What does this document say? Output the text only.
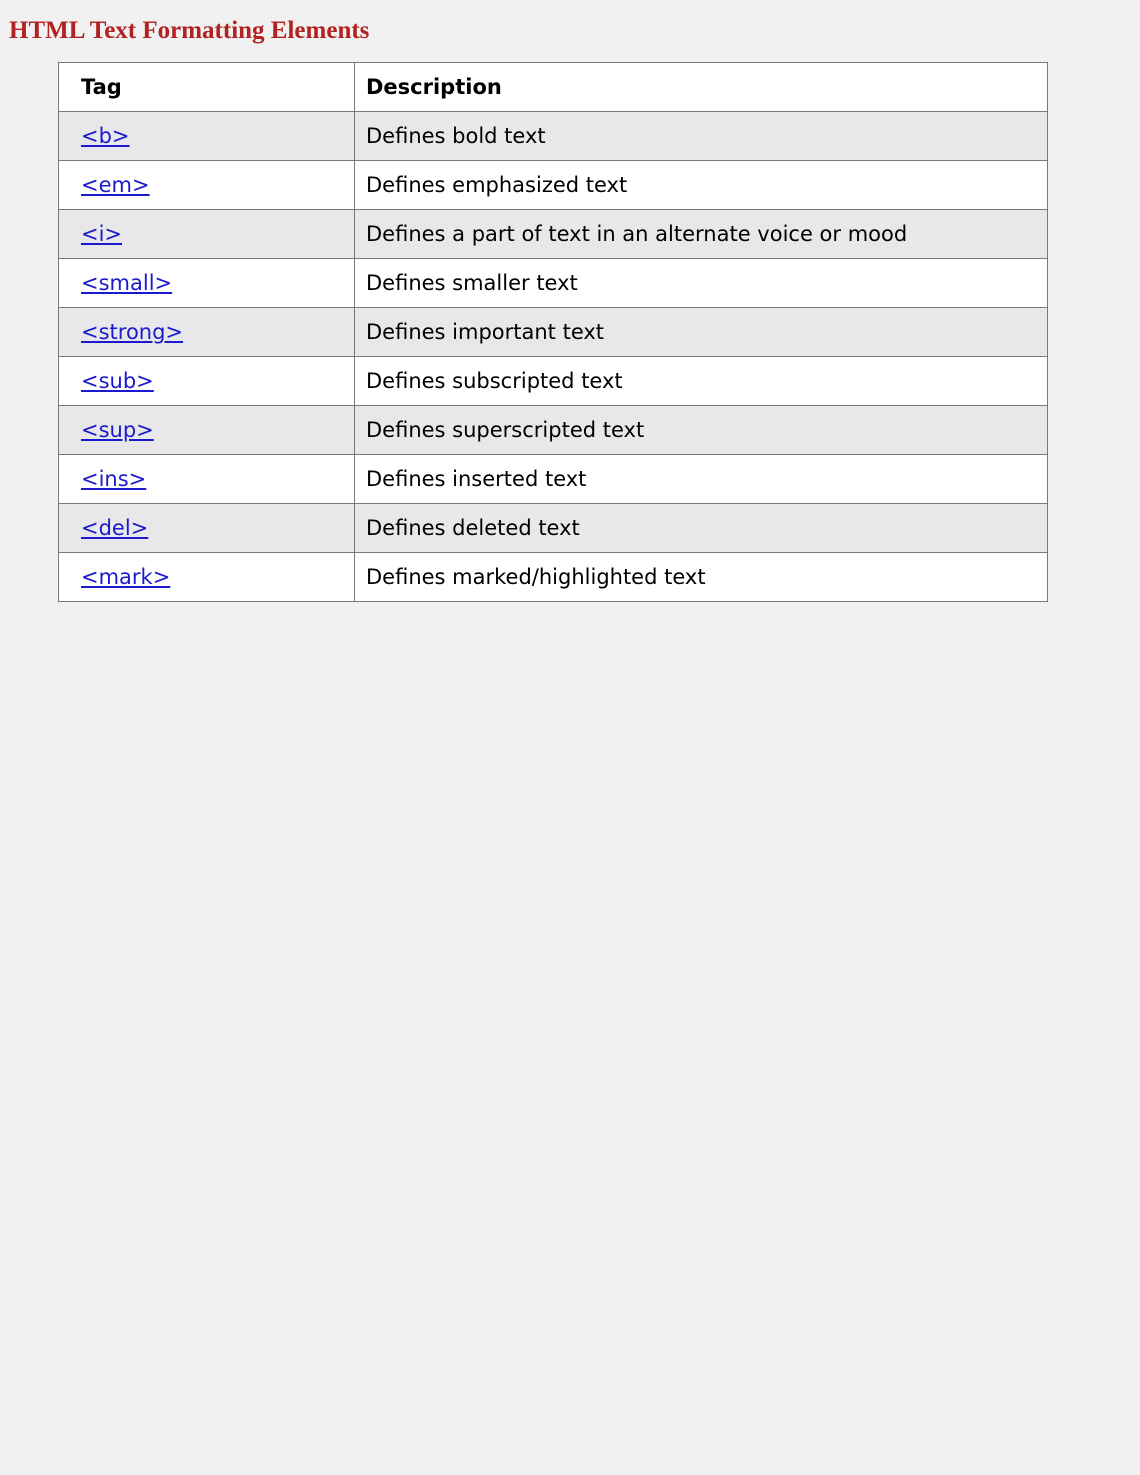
HTML Text Formatting Elements
Tag	Description
<b>	Defines bold text
<em>	Defines emphasized text
<i>	Defines a part of text in an alternate voice or mood
<small>	Defines smaller text
<strong>	Defines important text
<sub>	Defines subscripted text
<sup>	Defines superscripted text
<ins>	Defines inserted text
<del>	Defines deleted text
<mark>	Defines marked/highlighted text
